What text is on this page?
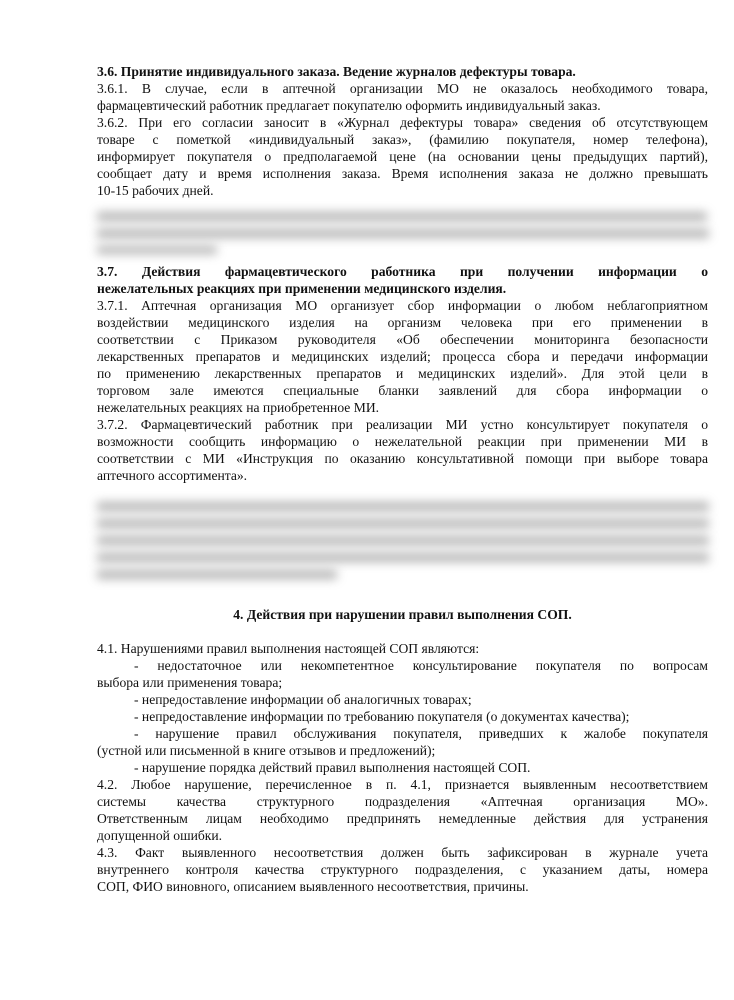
3.6. Принятие индивидуального заказа. Ведение журналов дефектуры товара.
3.6.1. В случае, если в аптечной организации МО не оказалось необходимого товара,
фармацевтический работник предлагает покупателю оформить индивидуальный заказ.
3.6.2. При его согласии заносит в «Журнал дефектуры товара» сведения об отсутствующем
товаре с пометкой «индивидуальный заказ», (фамилию покупателя, номер телефона),
информирует покупателя о предполагаемой цене (на основании цены предыдущих партий),
сообщает дату и время исполнения заказа. Время исполнения заказа не должно превышать
10-15 рабочих дней.
3.7. Действия фармацевтического работника при получении информации о
нежелательных реакциях при применении медицинского изделия.
3.7.1. Аптечная организация МО организует сбор информации о любом неблагоприятном
воздействии медицинского изделия на организм человека при его применении в
соответствии с Приказом руководителя «Об обеспечении мониторинга безопасности
лекарственных препаратов и медицинских изделий; процесса сбора и передачи информации
по применению лекарственных препаратов и медицинских изделий». Для этой цели в
торговом зале имеются специальные бланки заявлений для сбора информации о
нежелательных реакциях на приобретенное МИ.
3.7.2. Фармацевтический работник при реализации МИ устно консультирует покупателя о
возможности сообщить информацию о нежелательной реакции при применении МИ в
соответствии с МИ «Инструкция по оказанию консультативной помощи при выборе товара
аптечного ассортимента».
4. Действия при нарушении правил выполнения СОП.
4.1. Нарушениями правил выполнения настоящей СОП являются:
- недостаточное или некомпетентное консультирование покупателя по вопросам
выбора или применения товара;
- непредоставление информации об аналогичных товарах;
- непредоставление информации по требованию покупателя (о документах качества);
- нарушение правил обслуживания покупателя, приведших к жалобе покупателя
(устной или письменной в книге отзывов и предложений);
- нарушение порядка действий правил выполнения настоящей СОП.
4.2. Любое нарушение, перечисленное в п. 4.1, признается выявленным несоответствием
системы качества структурного подразделения «Аптечная организация МО».
Ответственным лицам необходимо предпринять немедленные действия для устранения
допущенной ошибки.
4.3. Факт выявленного несоответствия должен быть зафиксирован в журнале учета
внутреннего контроля качества структурного подразделения, с указанием даты, номера
СОП, ФИО виновного, описанием выявленного несоответствия, причины.
